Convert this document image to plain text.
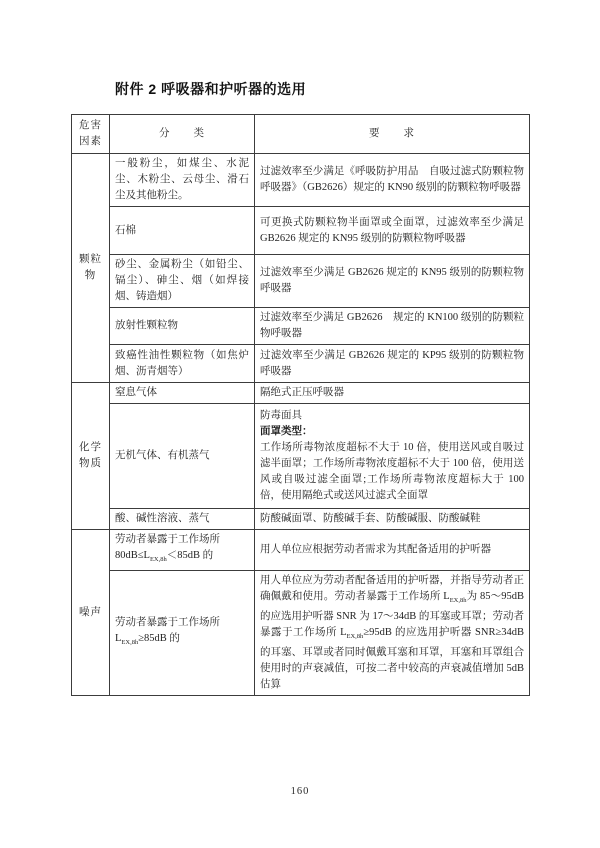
附件 2 呼吸器和护听器的选用
危害因素	分　　类	要　　求
颗粒物	一般粉尘，如煤尘、水泥尘、木粉尘、云母尘、滑石尘及其他粉尘。	过滤效率至少满足《呼吸防护用品　自吸过滤式防颗粒物呼吸器》（GB2626）规定的 KN90 级别的防颗粒物呼吸器
	石棉	可更换式防颗粒物半面罩或全面罩，过滤效率至少满足 GB2626 规定的 KN95 级别的防颗粒物呼吸器
	砂尘、金属粉尘（如铅尘、镉尘）、砷尘、烟（如焊接烟、铸造烟）	过滤效率至少满足 GB2626 规定的 KN95 级别的防颗粒物呼吸器
	放射性颗粒物	过滤效率至少满足 GB2626　规定的 KN100 级别的防颗粒物呼吸器
	致癌性油性颗粒物（如焦炉烟、沥青烟等）	过滤效率至少满足 GB2626 规定的 KP95 级别的防颗粒物呼吸器
化学物质	窒息气体	隔绝式正压呼吸器
	无机气体、有机蒸气	防毒面具
面罩类型：
工作场所毒物浓度超标不大于 10 倍，使用送风或自吸过滤半面罩；工作场所毒物浓度超标不大于 100 倍，使用送风或自吸过滤全面罩;工作场所毒物浓度超标大于 100 倍，使用隔绝式或送风过滤式全面罩
	酸、碱性溶液、蒸气	防酸碱面罩、防酸碱手套、防酸碱服、防酸碱鞋
噪声	劳动者暴露于工作场所
$80dB\le L_{EX,8h}<85dB$ 的	用人单位应根据劳动者需求为其配备适用的护听器
	劳动者暴露于工作场所
$L_{EX,8h}\ge 85dB$ 的	用人单位应为劳动者配备适用的护听器，并指导劳动者正确佩戴和使用。劳动者暴露于工作场所 $L_{EX,8h}$为 85～95dB 的应选用护听器 SNR 为 17～34dB 的耳塞或耳罩；劳动者暴露于工作场所 $L_{EX,8h}\ge 95dB$ 的应选用护听器 SNR≥34dB 的耳塞、耳罩或者同时佩戴耳塞和耳罩，耳塞和耳罩组合使用时的声衰减值，可按二者中较高的声衰减值增加 5dB 估算
160
